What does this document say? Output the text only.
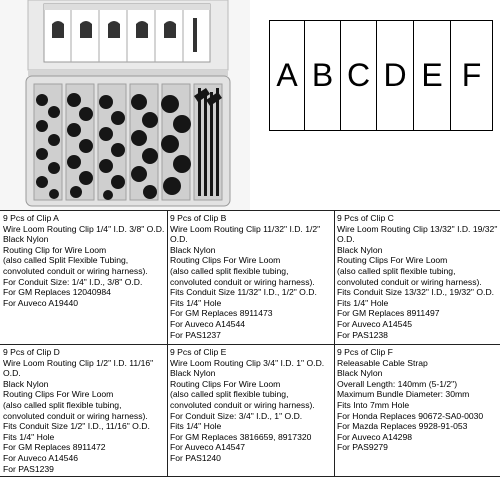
A B C D E F
9 Pcs of Clip A
Wire Loom Routing Clip 1/4" I.D. 3/8" O.D.
Black Nylon
Routing Clip for Wire Loom
(also called Split Flexible Tubing,
convoluted conduit or wiring harness).
For Conduit Size: 1/4" I.D., 3/8" O.D.
For GM Replaces 12040984
For Auveco A19440
9 Pcs of Clip B
Wire Loom Routing Clip 11/32" I.D. 1/2"
O.D.
Black Nylon
Routing Clips For Wire Loom
(also called split flexible tubing,
convoluted conduit or wiring harness).
Fits Conduit Size 11/32" I.D., 1/2" O.D.
Fits 1/4" Hole
For GM Replaces 8911473
For Auveco A14544
For PAS1237
9 Pcs of Clip C
Wire Loom Routing Clip 13/32" I.D. 19/32"
O.D.
Black Nylon
Routing Clips For Wire Loom
(also called split flexible tubing,
convoluted conduit or wiring harness).
Fits Conduit Size 13/32" I.D., 19/32" O.D.
Fits 1/4" Hole
For GM Replaces 8911497
For Auveco A14545
For PAS1238
9 Pcs of Clip D
Wire Loom Routing Clip 1/2" I.D. 11/16"
O.D.
Black Nylon
Routing Clips For Wire Loom
(also called split flexible tubing,
convoluted conduit or wiring harness).
Fits Conduit Size 1/2" I.D., 11/16" O.D.
Fits 1/4" Hole
For GM Replaces 8911472
For Auveco A14546
For PAS1239
9 Pcs of Clip E
Wire Loom Routing Clip 3/4" I.D. 1" O.D.
Black Nylon
Routing Clips For Wire Loom
(also called split flexible tubing,
convoluted conduit or wiring harness).
For Conduit Size: 3/4" I.D., 1" O.D.
Fits 1/4" Hole
For GM Replaces 3816659, 8917320
For Auveco A14547
For PAS1240
9 Pcs of Clip F
Releasable Cable Strap
Black Nylon
Overall Length: 140mm (5-1/2")
Maximum Bundle Diameter: 30mm
Fits Into 7mm Hole
For Honda Replaces 90672-SA0-0030
For Mazda Replaces 9928-91-053
For Auveco A14298
For PAS9279
